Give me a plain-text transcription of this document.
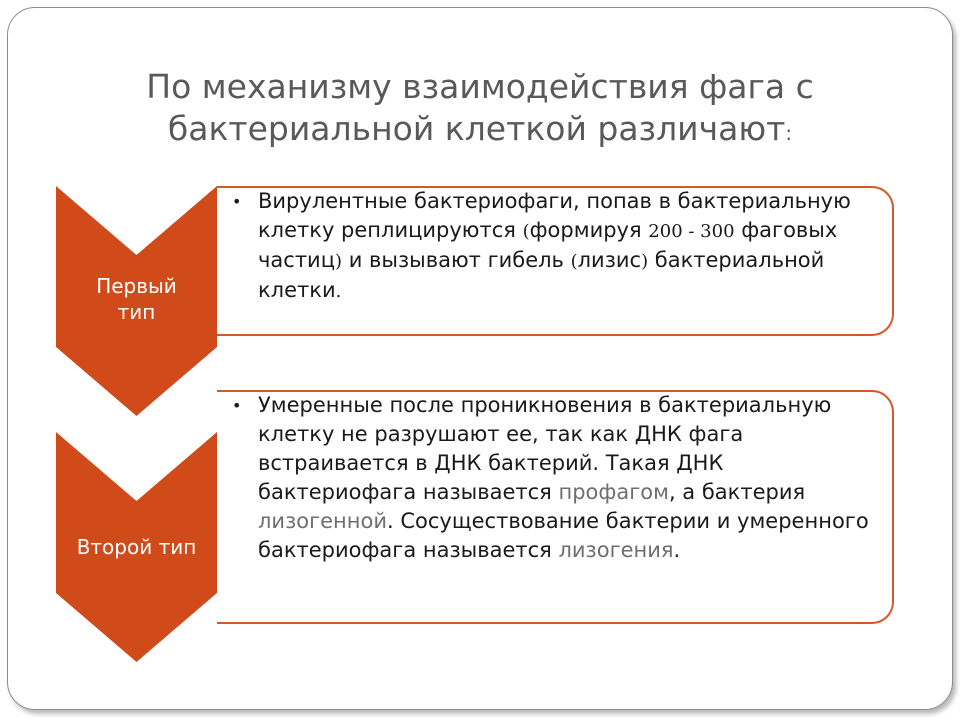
По механизму взаимодействия фага с
бактериальной клеткой различают:
Первый
тип
• Вирулентные бактериофаги, попав в бактериальную клетку реплицируются (формируя 200 - 300 фаговых частиц) и вызывают гибель (лизис) бактериальной клетки.
Второй тип
• Умеренные после проникновения в бактериальную клетку не разрушают ее, так как ДНК фага встраивается в ДНК бактерий. Такая ДНК бактериофага называется профагом, а бактерия лизогенной. Сосуществование бактерии и умеренного бактериофага называется лизогения.
